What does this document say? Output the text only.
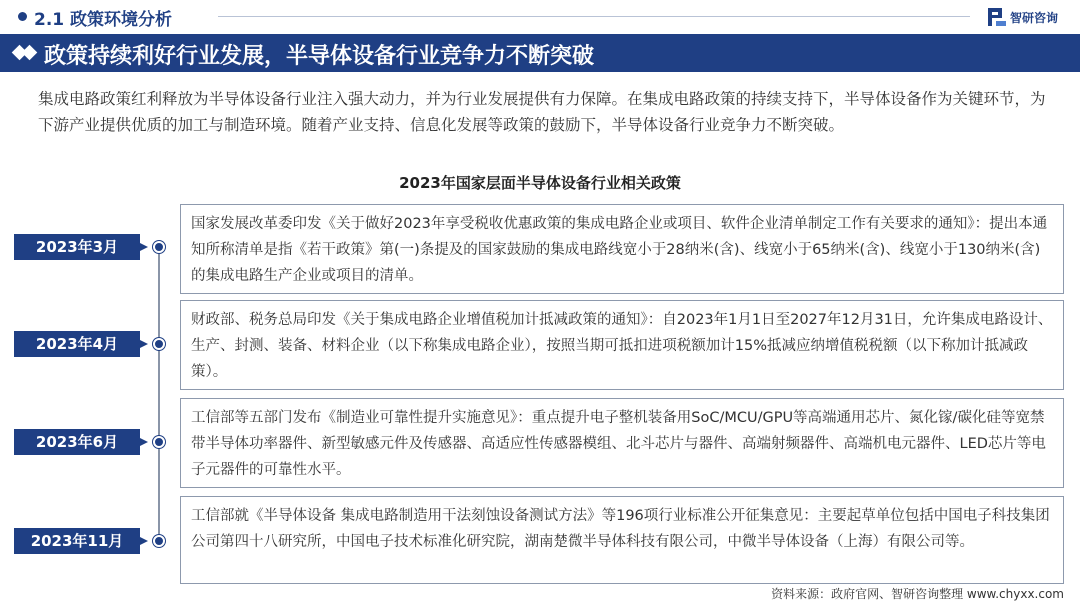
2.1 政策环境分析	智研咨询
政策持续利好行业发展，半导体设备行业竞争力不断突破
集成电路政策红利释放为半导体设备行业注入强大动力，并为行业发展提供有力保障。在集成电路政策的持续支持下，半导体设备作为关键环节，为下游产业提供优质的加工与制造环境。随着产业支持、信息化发展等政策的鼓励下，半导体设备行业竞争力不断突破。
2023年国家层面半导体设备行业相关政策
2023年3月
国家发展改革委印发《关于做好2023年享受税收优惠政策的集成电路企业或项目、软件企业清单制定工作有关要求的通知》：提出本通知所称清单是指《若干政策》第(一)条提及的国家鼓励的集成电路线宽小于28纳米(含)、线宽小于65纳米(含)、线宽小于130纳米(含)的集成电路生产企业或项目的清单。
2023年4月
财政部、税务总局印发《关于集成电路企业增值税加计抵减政策的通知》：自2023年1月1日至2027年12月31日，允许集成电路设计、生产、封测、装备、材料企业（以下称集成电路企业），按照当期可抵扣进项税额加计15%抵减应纳增值税税额（以下称加计抵减政策）。
2023年6月
工信部等五部门发布《制造业可靠性提升实施意见》：重点提升电子整机装备用SoC/MCU/GPU等高端通用芯片、氮化镓/碳化硅等宽禁带半导体功率器件、新型敏感元件及传感器、高适应性传感器模组、北斗芯片与器件、高端射频器件、高端机电元器件、LED芯片等电子元器件的可靠性水平。
2023年11月
工信部就《半导体设备 集成电路制造用干法刻蚀设备测试方法》等196项行业标准公开征集意见：主要起草单位包括中国电子科技集团公司第四十八研究所，中国电子技术标准化研究院，湖南楚微半导体科技有限公司，中微半导体设备（上海）有限公司等。
资料来源：政府官网、智研咨询整理 www.chyxx.com
